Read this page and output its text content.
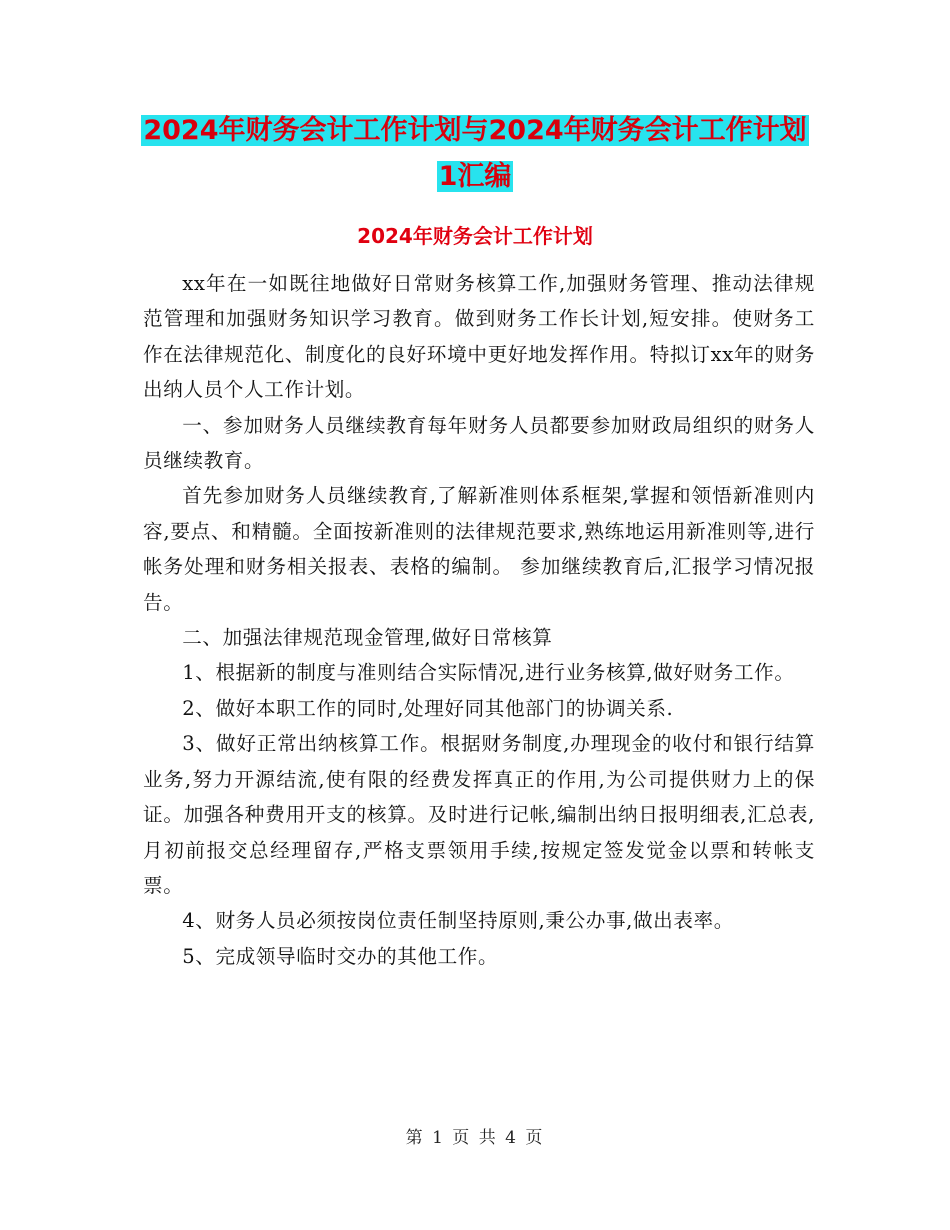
2024年财务会计工作计划与2024年财务会计工作计划
1汇编
2024年财务会计工作计划

xx年在一如既往地做好日常财务核算工作,加强财务管理、推动法律规范管理和加强财务知识学习教育。做到财务工作长计划,短安排。使财务工作在法律规范化、制度化的良好环境中更好地发挥作用。特拟订xx年的财务出纳人员个人工作计划。

一、参加财务人员继续教育每年财务人员都要参加财政局组织的财务人员继续教育。

首先参加财务人员继续教育,了解新准则体系框架,掌握和领悟新准则内容,要点、和精髓。全面按新准则的法律规范要求,熟练地运用新准则等,进行帐务处理和财务相关报表、表格的编制。 参加继续教育后,汇报学习情况报告。

二、加强法律规范现金管理,做好日常核算

1、根据新的制度与准则结合实际情况,进行业务核算,做好财务工作。

2、做好本职工作的同时,处理好同其他部门的协调关系.

3、做好正常出纳核算工作。根据财务制度,办理现金的收付和银行结算业务,努力开源结流,使有限的经费发挥真正的作用,为公司提供财力上的保证。加强各种费用开支的核算。及时进行记帐,编制出纳日报明细表,汇总表,月初前报交总经理留存,严格支票领用手续,按规定签发觉金以票和转帐支票。

4、财务人员必须按岗位责任制坚持原则,秉公办事,做出表率。

5、完成领导临时交办的其他工作。

第 1 页 共 4 页
